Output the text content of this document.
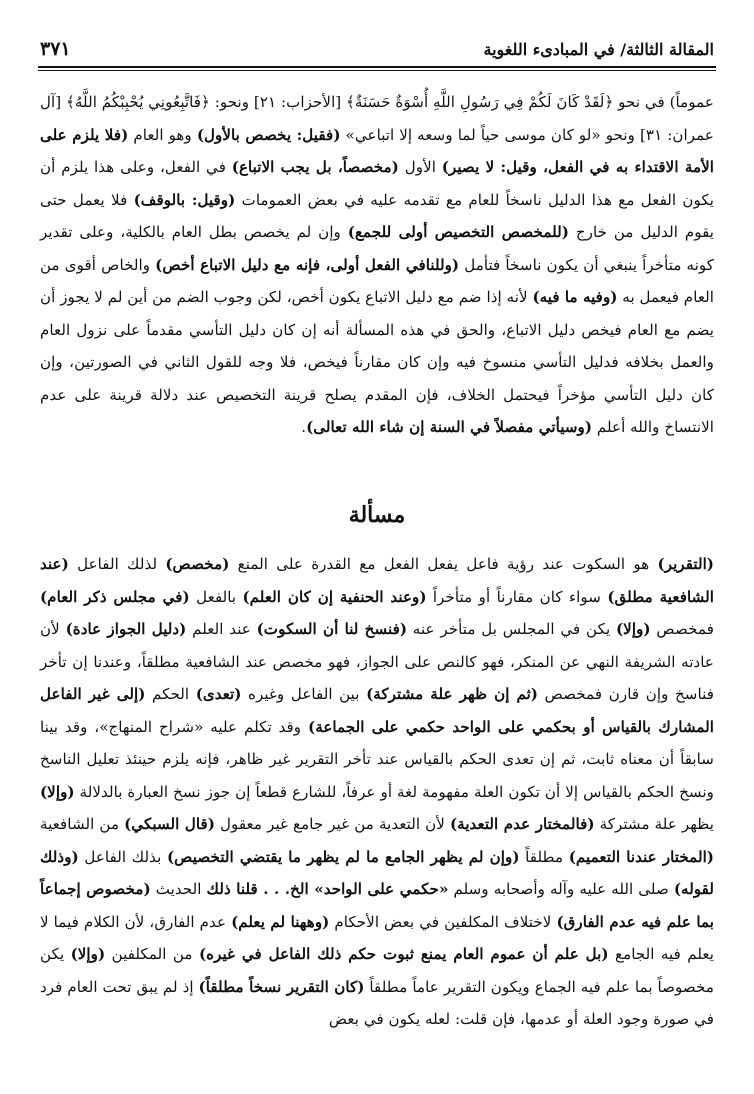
المقالة الثالثة/ في المبادىء اللغوية
٣٧١

عموماً) في نحو ﴿لَقَدْ كَانَ لَكُمْ فِي رَسُولِ اللَّهِ أُسْوَةٌ حَسَنَةٌ﴾ [الأحزاب: ٢١] ونحو: ﴿فَاتَّبِعُونِي يُحْبِبْكُمُ اللَّهُ﴾ [آل عمران: ٣١] ونحو «لو كان موسى حياً لما وسعه إلا اتباعي» (فقيل: يخصص بالأول) وهو العام (فلا يلزم على الأمة الاقتداء به في الفعل، وقيل: لا يصير) الأول (مخصصاً، بل يجب الاتباع) في الفعل، وعلى هذا يلزم أن يكون الفعل مع هذا الدليل ناسخاً للعام مع تقدمه عليه في بعض العمومات (وقيل: بالوقف) فلا يعمل حتى يقوم الدليل من خارج (للمخصص التخصيص أولى للجمع) وإن لم يخصص بطل العام بالكلية، وعلى تقدير كونه متأخراً ينبغي أن يكون ناسخاً فتأمل (وللنافي الفعل أولى، فإنه مع دليل الاتباع أخص) والخاص أقوى من العام فيعمل به (وفيه ما فيه) لأنه إذا ضم مع دليل الاتباع يكون أخص، لكن وجوب الضم من أين لم لا يجوز أن يضم مع العام فيخص دليل الاتباع، والحق في هذه المسألة أنه إن كان دليل التأسي مقدماً على نزول العام والعمل بخلافه فدليل التأسي منسوخ فيه وإن كان مقارناً فيخص، فلا وجه للقول الثاني في الصورتين، وإن كان دليل التأسي مؤخراً فيحتمل الخلاف، فإن المقدم يصلح قرينة التخصيص عند دلالة قرينة على عدم الانتساخ والله أعلم (وسيأتي مفصلاً في السنة إن شاء الله تعالى).

مسألة

(التقرير) هو السكوت عند رؤية فاعل يفعل الفعل مع القدرة على المنع (مخصص) لذلك الفاعل (عند الشافعية مطلق) سواء كان مقارناً أو متأخراً (وعند الحنفية إن كان العلم) بالفعل (في مجلس ذكر العام) فمخصص (وإلا) يكن في المجلس بل متأخر عنه (فنسخ لنا أن السكوت) عند العلم (دليل الجواز عادة) لأن عادته الشريفة النهي عن المنكر، فهو كالنص على الجواز، فهو مخصص عند الشافعية مطلقاً، وعندنا إن تأخر فناسخ وإن قارن فمخصص (ثم إن ظهر علة مشتركة) بين الفاعل وغيره (تعدى) الحكم (إلى غير الفاعل المشارك بالقياس أو بحكمي على الواحد حكمي على الجماعة) وقد تكلم عليه «شراح المنهاج»، وقد بينا سابقاً أن معناه ثابت، ثم إن تعدى الحكم بالقياس عند تأخر التقرير غير ظاهر، فإنه يلزم حينئذ تعليل الناسخ ونسخ الحكم بالقياس إلا أن تكون العلة مفهومة لغة أو عرفاً، للشارع قطعاً إن جوز نسخ العبارة بالدلالة (وإلا) يظهر علة مشتركة (فالمختار عدم التعدية) لأن التعدية من غير جامع غير معقول (قال السبكي) من الشافعية (المختار عندنا التعميم) مطلقاً (وإن لم يظهر الجامع ما لم يظهر ما يقتضي التخصيص) بذلك الفاعل (وذلك لقوله) صلى الله عليه وآله وأصحابه وسلم «حكمي على الواحد» الخ. . . قلنا ذلك الحديث (مخصوص إجماعاً بما علم فيه عدم الفارق) لاختلاف المكلفين في بعض الأحكام (وههنا لم يعلم) عدم الفارق، لأن الكلام فيما لا يعلم فيه الجامع (بل علم أن عموم العام يمنع ثبوت حكم ذلك الفاعل في غيره) من المكلفين (وإلا) يكن مخصوصاً بما علم فيه الجماع ويكون التقرير عاماً مطلقاً (كان التقرير نسخاً مطلقاً) إذ لم يبق تحت العام فرد في صورة وجود العلة أو عدمها، فإن قلت: لعله يكون في بعض
